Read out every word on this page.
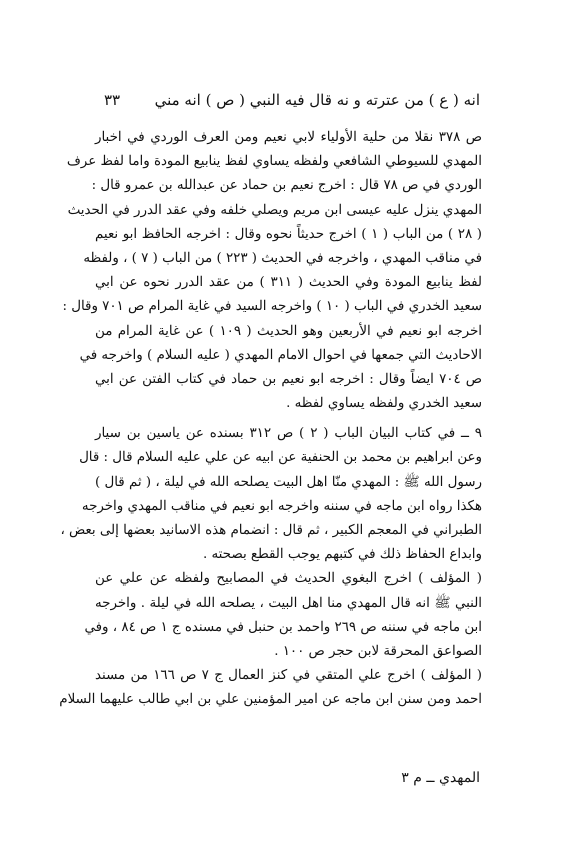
انه ( ع ) من عترته و نه قال فيه النبي ( ص ) انه مني
٣٣
ص ٣٧٨ نقلا من حلية الأولياء لابي نعيم ومن العرف الوردي في اخبار
المهدي للسيوطي الشافعي ولفظه يساوي لفظ ينابيع المودة واما لفظ عرف
الوردي في ص ٧٨ قال : اخرج نعيم بن حماد عن عبدالله بن عمرو قال :
المهدي ينزل عليه عيسى ابن مريم ويصلي خلفه وفي عقد الدرر في الحديث
( ٢٨ ) من الباب ( ١ ) اخرج حديثاً نحوه وقال : اخرجه الحافظ ابو نعيم
في مناقب المهدي ، واخرجه في الحديث ( ٢٢٣ ) من الباب ( ٧ ) ، ولفظه
لفظ ينابيع المودة وفي الحديث ( ٣١١ ) من عقد الدرر نحوه عن ابي
سعيد الخدري في الباب ( ١٠ ) واخرجه السيد في غاية المرام ص ٧٠١ وقال :
اخرجه ابو نعيم في الأربعين وهو الحديث ( ١٠٩ ) عن غاية المرام من
الاحاديث التي جمعها في احوال الامام المهدي ( عليه السلام ) واخرجه في
ص ٧٠٤ ايضاً وقال : اخرجه ابو نعيم بن حماد في كتاب الفتن عن ابي
سعيد الخدري ولفظه يساوي لفظه .
٩ ــ في كتاب البيان الباب ( ٢ ) ص ٣١٢ بسنده عن ياسين بن سيار
وعن ابراهيم بن محمد بن الحنفية عن ابيه عن علي عليه السلام قال : قال
رسول الله ﷺ : المهدي منّا اهل البيت يصلحه الله في ليلة ، ( ثم قال )
هكذا رواه ابن ماجه في سننه واخرجه ابو نعيم في مناقب المهدي واخرجه
الطبراني في المعجم الكبير ، ثم قال : انضمام هذه الاسانيد بعضها إلى بعض ،
وابداع الحفاظ ذلك في كتبهم يوجب القطع بصحته .
( المؤلف ) اخرج البغوي الحديث في المصابيح ولفظه عن علي عن
النبي ﷺ انه قال المهدي منا اهل البيت ، يصلحه الله في ليلة . واخرجه
ابن ماجه في سننه ص ٢٦٩ واحمد بن حنبل في مسنده ج ١ ص ٨٤ ، وفي
الصواعق المحرقة لابن حجر ص ١٠٠ .
( المؤلف ) اخرج علي المتقي في كنز العمال ج ٧ ص ١٦٦ من مسند
احمد ومن سنن ابن ماجه عن امير المؤمنين علي بن ابي طالب عليهما السلام
المهدي ــ م ٣
